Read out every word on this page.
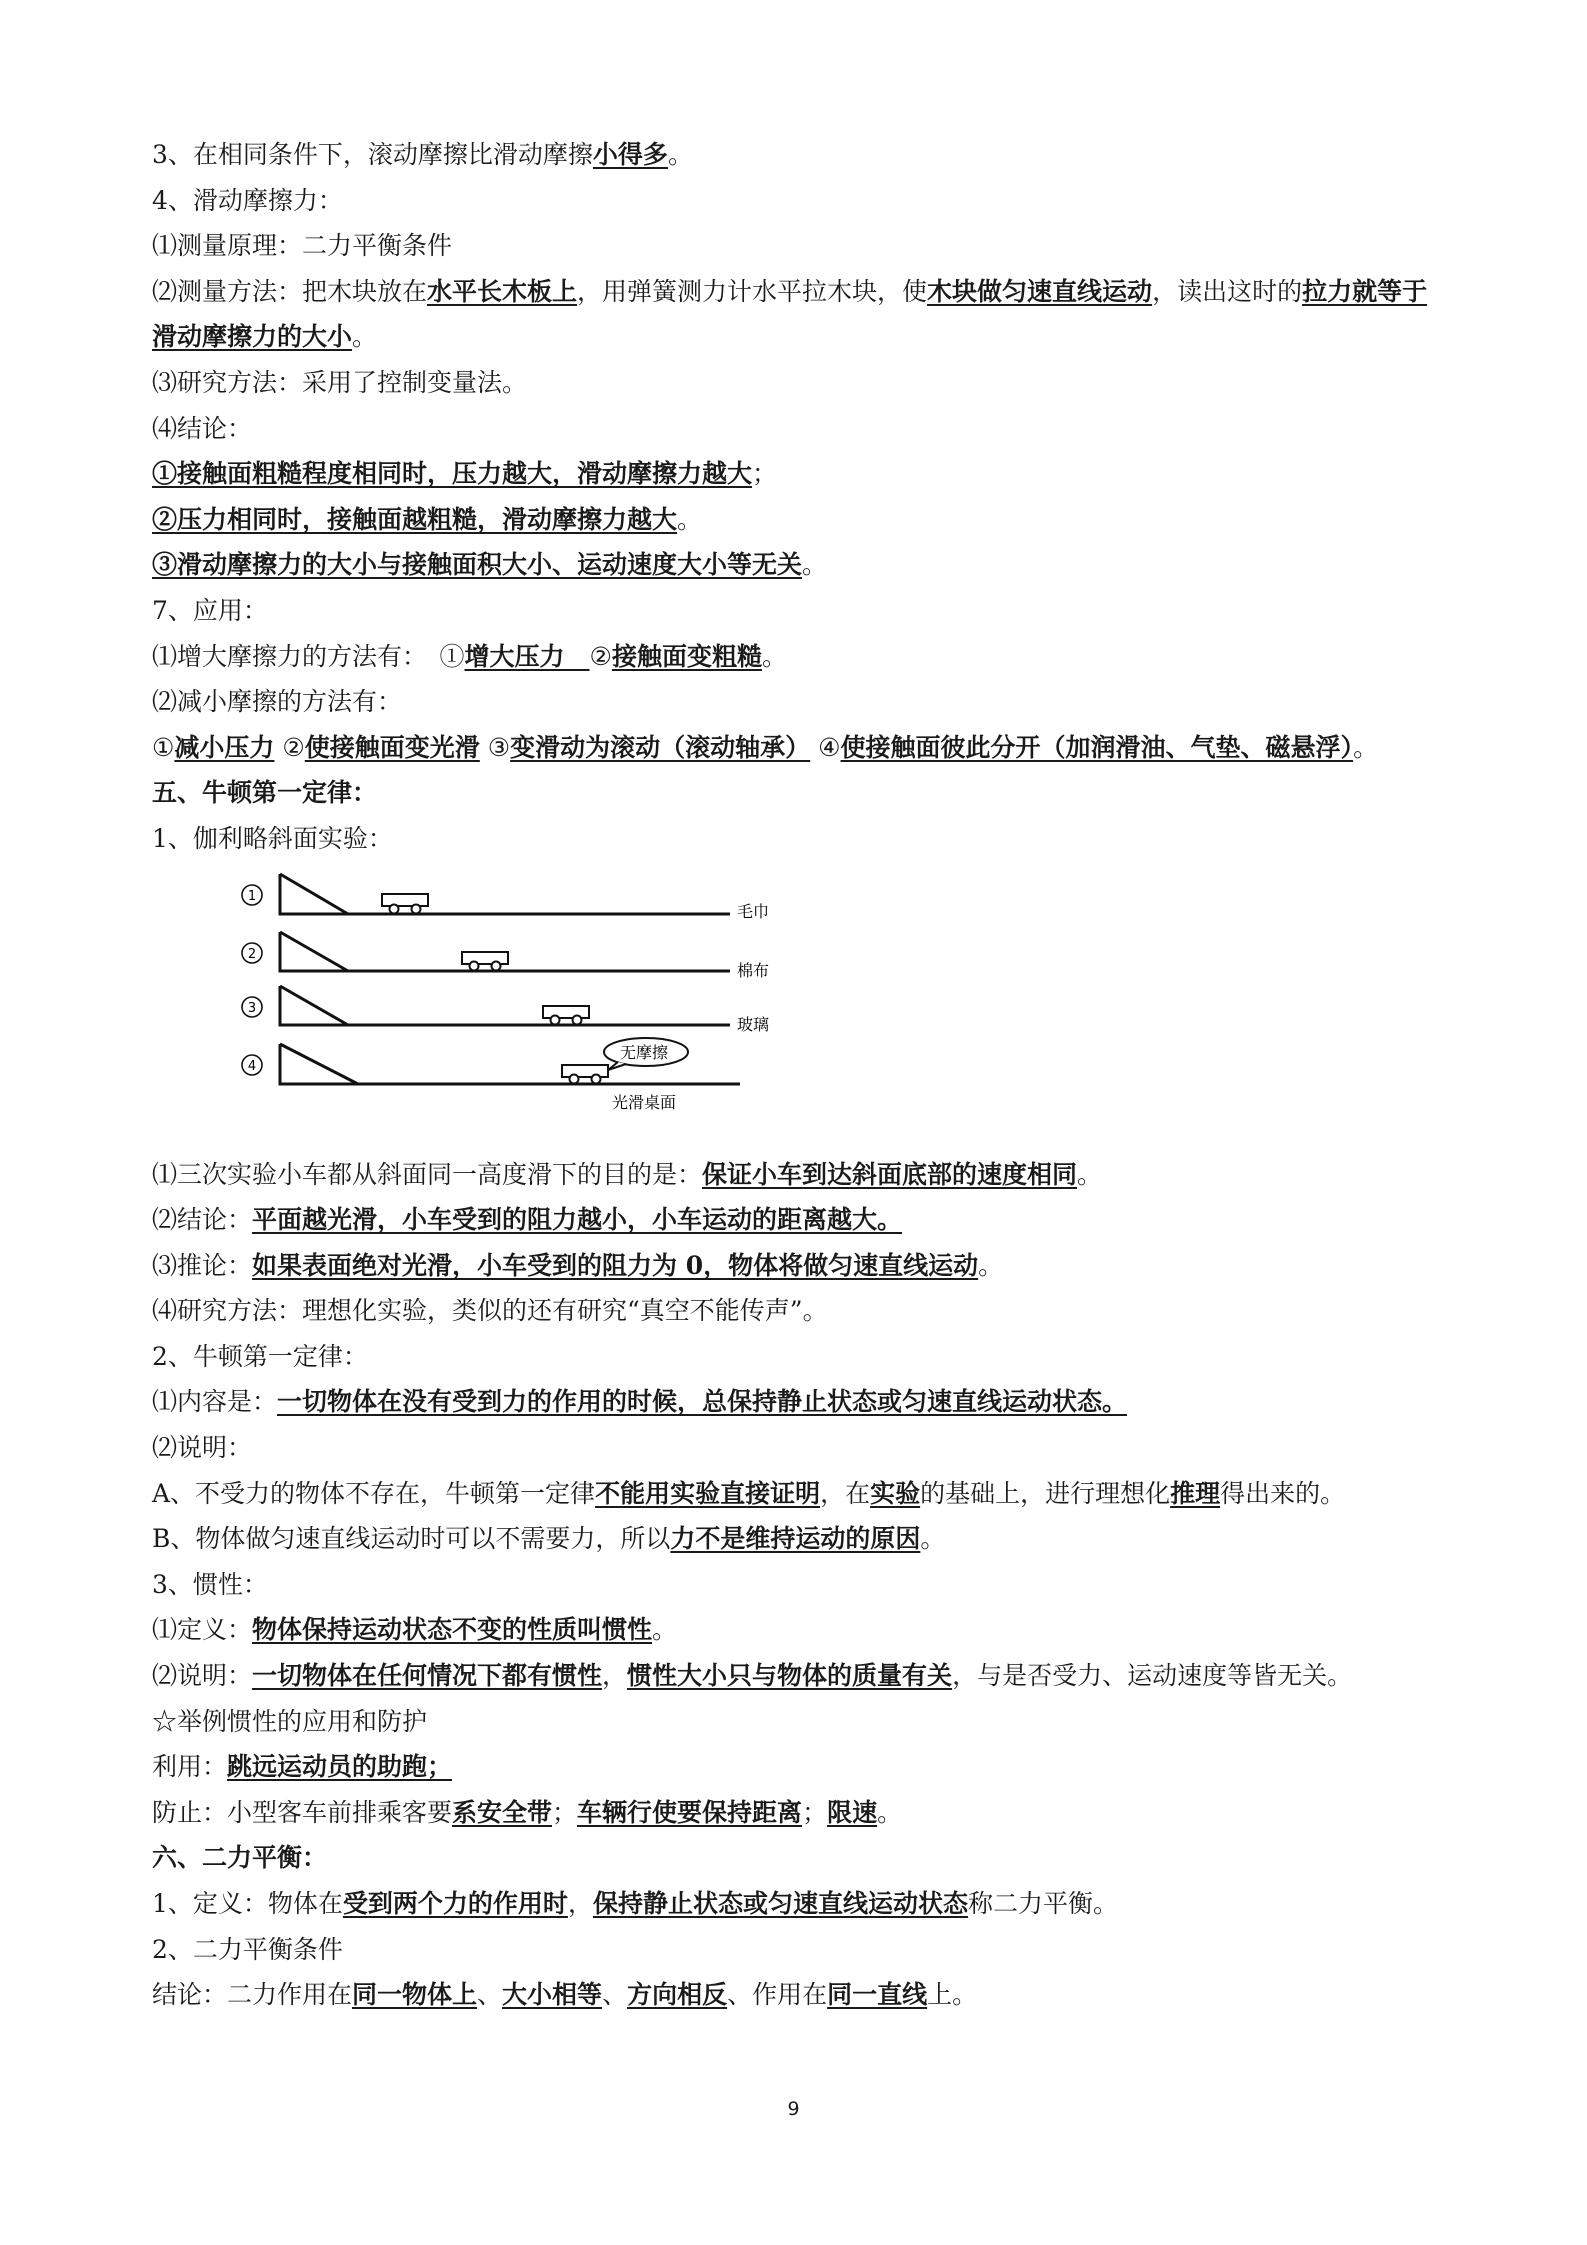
3、在相同条件下，滚动摩擦比滑动摩擦小得多。

4、滑动摩擦力：

⑴测量原理：二力平衡条件

⑵测量方法：把木块放在水平长木板上，用弹簧测力计水平拉木块，使木块做匀速直线运动，读出这时的拉力就等于滑动摩擦力的大小。

⑶研究方法：采用了控制变量法。

⑷结论：

①接触面粗糙程度相同时，压力越大，滑动摩擦力越大；

②压力相同时，接触面越粗糙，滑动摩擦力越大。

③滑动摩擦力的大小与接触面积大小、运动速度大小等无关。

7、应用：

⑴增大摩擦力的方法有：　①增大压力　②接触面变粗糙。

⑵减小摩擦的方法有：

①减小压力 ②使接触面变光滑 ③变滑动为滚动（滚动轴承） ④使接触面彼此分开（加润滑油、气垫、磁悬浮）。

五、牛顿第一定律：

1、伽利略斜面实验：

毛巾
棉布
玻璃
光滑桌面
无摩擦
1
2
3
4

⑴三次实验小车都从斜面同一高度滑下的目的是：保证小车到达斜面底部的速度相同。

⑵结论：平面越光滑，小车受到的阻力越小，小车运动的距离越大。

⑶推论：如果表面绝对光滑，小车受到的阻力为 0，物体将做匀速直线运动。

⑷研究方法：理想化实验，类似的还有研究“真空不能传声”。

2、牛顿第一定律：

⑴内容是：一切物体在没有受到力的作用的时候，总保持静止状态或匀速直线运动状态。

⑵说明：

A、不受力的物体不存在，牛顿第一定律不能用实验直接证明，在实验的基础上，进行理想化推理得出来的。

B、物体做匀速直线运动时可以不需要力，所以力不是维持运动的原因。

3、惯性：

⑴定义：物体保持运动状态不变的性质叫惯性。

⑵说明：一切物体在任何情况下都有惯性，惯性大小只与物体的质量有关，与是否受力、运动速度等皆无关。

☆举例惯性的应用和防护

利用：跳远运动员的助跑；

防止：小型客车前排乘客要系安全带；车辆行使要保持距离；限速。

六、二力平衡：

1、定义：物体在受到两个力的作用时，保持静止状态或匀速直线运动状态称二力平衡。

2、二力平衡条件

结论：二力作用在同一物体上、大小相等、方向相反、作用在同一直线上。

9
